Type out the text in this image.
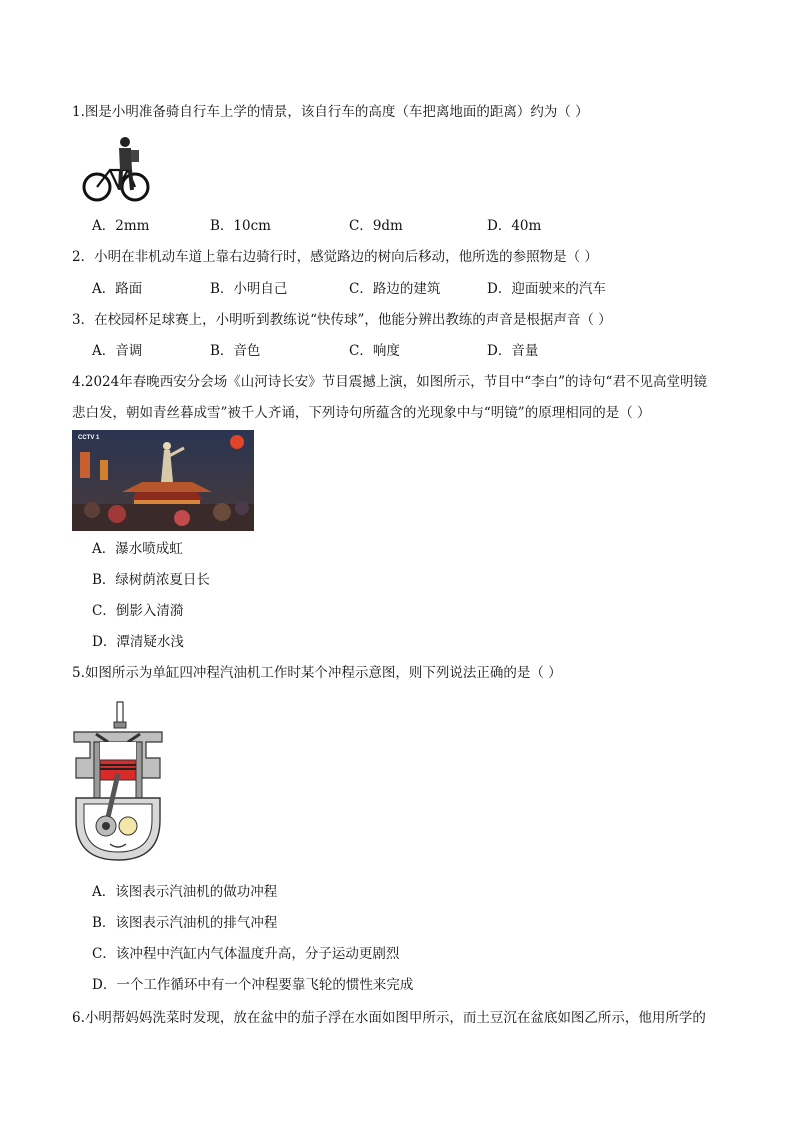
1.图是小明准备骑自行车上学的情景，该自行车的高度（车把离地面的距离）约为（ ）
A．2mm	B．10cm	C．9dm	D．40m
2．小明在非机动车道上靠右边骑行时，感觉路边的树向后移动，他所选的参照物是（ ）
A．路面	B．小明自己	C．路边的建筑	D．迎面驶来的汽车
3．在校园杯足球赛上，小明听到教练说“快传球”，他能分辨出教练的声音是根据声音（ ）
A．音调	B．音色	C．响度	D．音量
4.2024年春晚西安分会场《山河诗长安》节目震撼上演，如图所示，节目中“李白”的诗句“君不见高堂明镜
悲白发，朝如青丝暮成雪”被千人齐诵，下列诗句所蕴含的光现象中与“明镜”的原理相同的是（ ）
CCTV 1
A．瀑水喷成虹
B．绿树荫浓夏日长
C．倒影入清漪
D．潭清疑水浅
5.如图所示为单缸四冲程汽油机工作时某个冲程示意图，则下列说法正确的是（ ）
A．该图表示汽油机的做功冲程
B．该图表示汽油机的排气冲程
C．该冲程中汽缸内气体温度升高，分子运动更剧烈
D．一个工作循环中有一个冲程要靠飞轮的惯性来完成
6.小明帮妈妈洗菜时发现，放在盆中的茄子浮在水面如图甲所示，而土豆沉在盆底如图乙所示，他用所学的
